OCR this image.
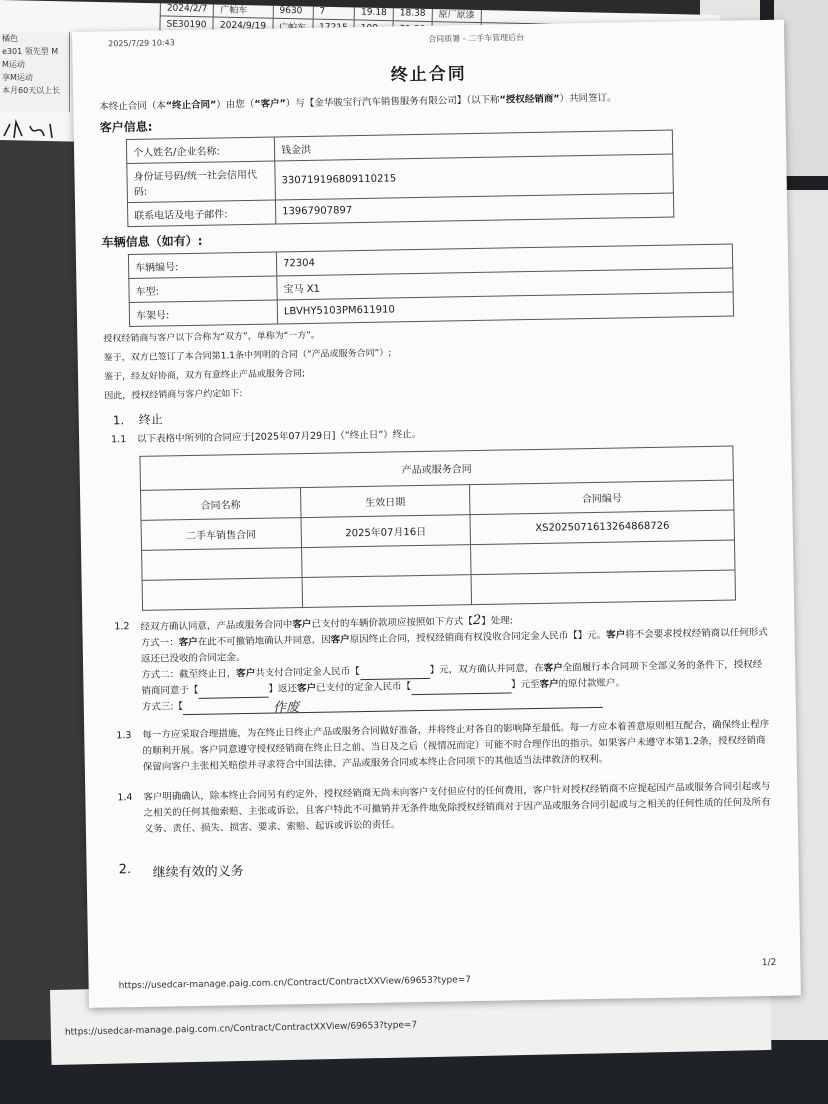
2024/2/7	广帕车	9630	7	19.18	18.38	原厂原漆	
SE30190	2024/9/19						
橘色
e301 领先型 M
M运动
享M运动
本月60天以上长
https://usedcar-manage.paig.com.cn/Contract/ContractXXView/69653?type=7
2025/7/29 10:43	合同质署 - 二手车管理后台
终止合同
本终止合同（本“终止合同”）由您（“客户”）与【金华骏宝行汽车销售服务有限公司】（以下称“授权经销商”）共同签订。
客户信息:
个人姓名/企业名称:	钱金洪
身份证号码/统一社会信用代码:	330719196809110215
联系电话及电子邮件:	13967907897
车辆信息（如有）:
车辆编号:	72304
车型:	宝马 X1
车架号:	LBVHY5103PM611910
授权经销商与客户以下合称为“双方”，单称为“一方”。
鉴于，双方已签订了本合同第1.1条中列明的合同（“产品或服务合同”）;
鉴于，经友好协商，双方有意终止产品或服务合同;
因此，授权经销商与客户约定如下:
1.	终止
1.1	以下表格中所列的合同应于[2025年07月29日]（“终止日”）终止。
产品或服务合同		
合同名称	生效日期	合同编号
二手车销售合同	2025年07月16日	XS2025071613264868726

1.2	经双方确认同意，产品或服务合同中客户已支付的车辆价款项应按照如下方式【2】处理:
方式一：客户在此不可撤销地确认并同意，因客户原因终止合同，授权经销商有权没收合同定金人民币【】元。客户将不会要求授权经销商以任何形式返还已没收的合同定金。
方式二：截至终止日，客户共支付合同定金人民币【	】元，双方确认并同意，在客户全面履行本合同项下全部义务的条件下，授权经销商同意于【	】返还客户已支付的定金人民币【	】元至客户的原付款账户。
方式三:【	作废
1.3	每一方应采取合理措施，为在终止日终止产品或服务合同做好准备，并将终止对各自的影响降至最低。每一方应本着善意原则相互配合，确保终止程序的顺利开展。客户同意遵守授权经销商在终止日之前、当日及之后（视情况而定）可能不时合理作出的指示。如果客户未遵守本第1.2条，授权经销商保留向客户主张相关赔偿并寻求符合中国法律、产品或服务合同或本终止合同项下的其他适当法律救济的权利。
1.4	客户明确确认，除本终止合同另有约定外，授权经销商无尚未向客户支付但应付的任何费用，客户针对授权经销商不应提起因产品或服务合同引起或与之相关的任何其他索赔、主张或诉讼，且客户特此不可撤销并无条件地免除授权经销商对于因产品或服务合同引起或与之相关的任何性质的任何及所有义务、责任、损失、损害、要求、索赔、起诉或诉讼的责任。
2.	继续有效的义务
1/2
https://usedcar-manage.paig.com.cn/Contract/ContractXXView/69653?type=7
